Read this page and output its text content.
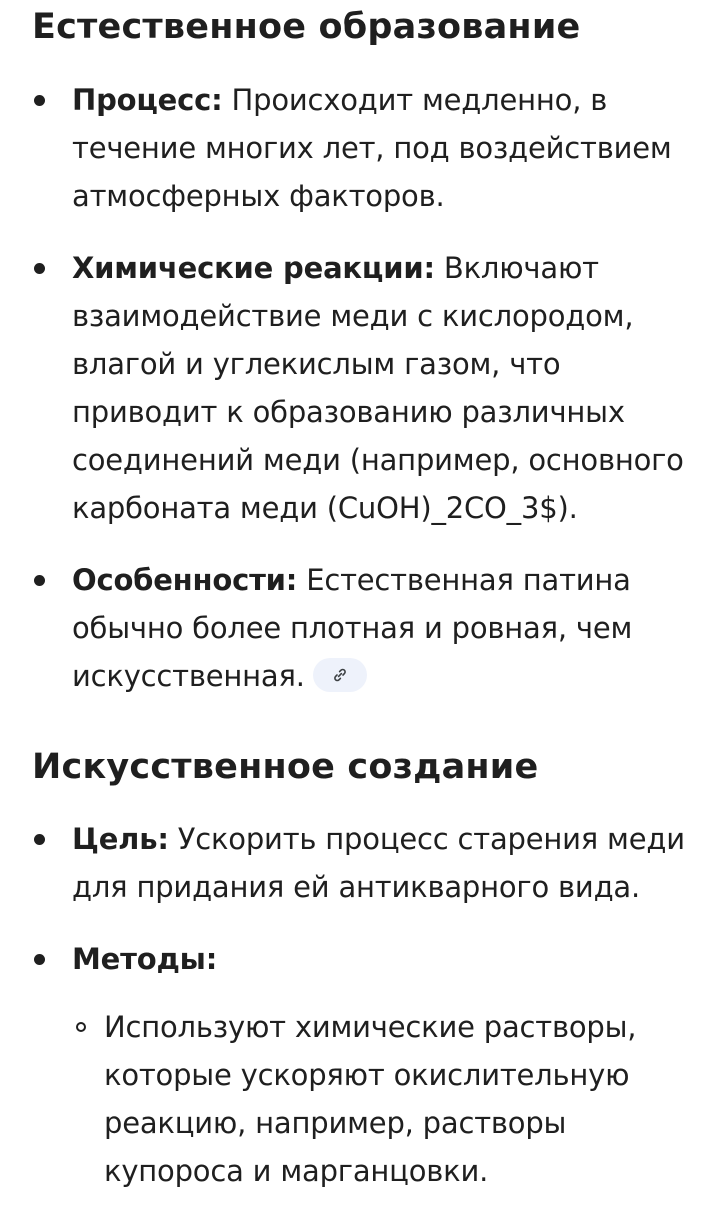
Естественное образование
Процесс: Происходит медленно, в
течение многих лет, под воздействием
атмосферных факторов.
Химические реакции: Включают
взаимодействие меди с кислородом,
влагой и углекислым газом, что
приводит к образованию различных
соединений меди (например, основного
карбоната меди (CuOH)_2CO_3$).
Особенности: Естественная патина
обычно более плотная и ровная, чем
искусственная.
Искусственное создание
Цель: Ускорить процесс старения меди
для придания ей антикварного вида.
Методы:
Используют химические растворы,
которые ускоряют окислительную
реакцию, например, растворы
купороса и марганцовки.
